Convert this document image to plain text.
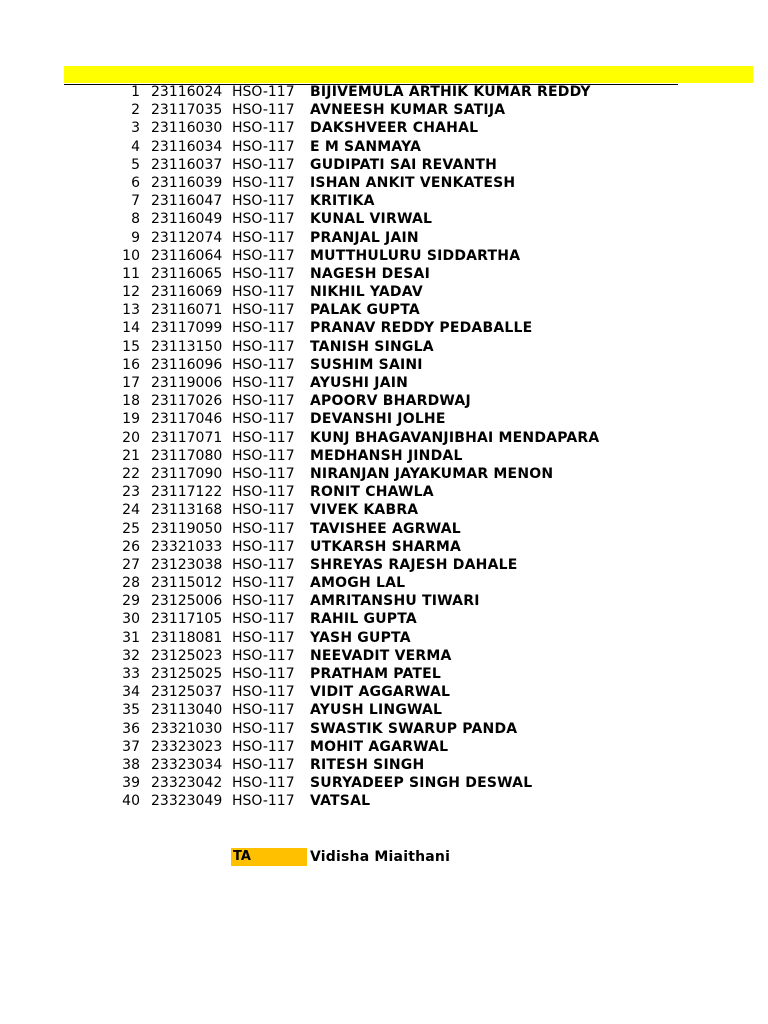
1 23116024 HSO-117 BIJIVEMULA ARTHIK KUMAR REDDY
2 23117035 HSO-117 AVNEESH KUMAR SATIJA
3 23116030 HSO-117 DAKSHVEER CHAHAL
4 23116034 HSO-117 E M SANMAYA
5 23116037 HSO-117 GUDIPATI SAI REVANTH
6 23116039 HSO-117 ISHAN ANKIT VENKATESH
7 23116047 HSO-117 KRITIKA
8 23116049 HSO-117 KUNAL VIRWAL
9 23112074 HSO-117 PRANJAL JAIN
10 23116064 HSO-117 MUTTHULURU SIDDARTHA
11 23116065 HSO-117 NAGESH DESAI
12 23116069 HSO-117 NIKHIL YADAV
13 23116071 HSO-117 PALAK GUPTA
14 23117099 HSO-117 PRANAV REDDY PEDABALLE
15 23113150 HSO-117 TANISH SINGLA
16 23116096 HSO-117 SUSHIM SAINI
17 23119006 HSO-117 AYUSHI JAIN
18 23117026 HSO-117 APOORV BHARDWAJ
19 23117046 HSO-117 DEVANSHI JOLHE
20 23117071 HSO-117 KUNJ BHAGAVANJIBHAI MENDAPARA
21 23117080 HSO-117 MEDHANSH JINDAL
22 23117090 HSO-117 NIRANJAN JAYAKUMAR MENON
23 23117122 HSO-117 RONIT CHAWLA
24 23113168 HSO-117 VIVEK KABRA
25 23119050 HSO-117 TAVISHEE AGRWAL
26 23321033 HSO-117 UTKARSH SHARMA
27 23123038 HSO-117 SHREYAS RAJESH DAHALE
28 23115012 HSO-117 AMOGH LAL
29 23125006 HSO-117 AMRITANSHU TIWARI
30 23117105 HSO-117 RAHIL GUPTA
31 23118081 HSO-117 YASH GUPTA
32 23125023 HSO-117 NEEVADIT VERMA
33 23125025 HSO-117 PRATHAM PATEL
34 23125037 HSO-117 VIDIT AGGARWAL
35 23113040 HSO-117 AYUSH LINGWAL
36 23321030 HSO-117 SWASTIK SWARUP PANDA
37 23323023 HSO-117 MOHIT AGARWAL
38 23323034 HSO-117 RITESH SINGH
39 23323042 HSO-117 SURYADEEP SINGH DESWAL
40 23323049 HSO-117 VATSAL
TA	Vidisha Miaithani
